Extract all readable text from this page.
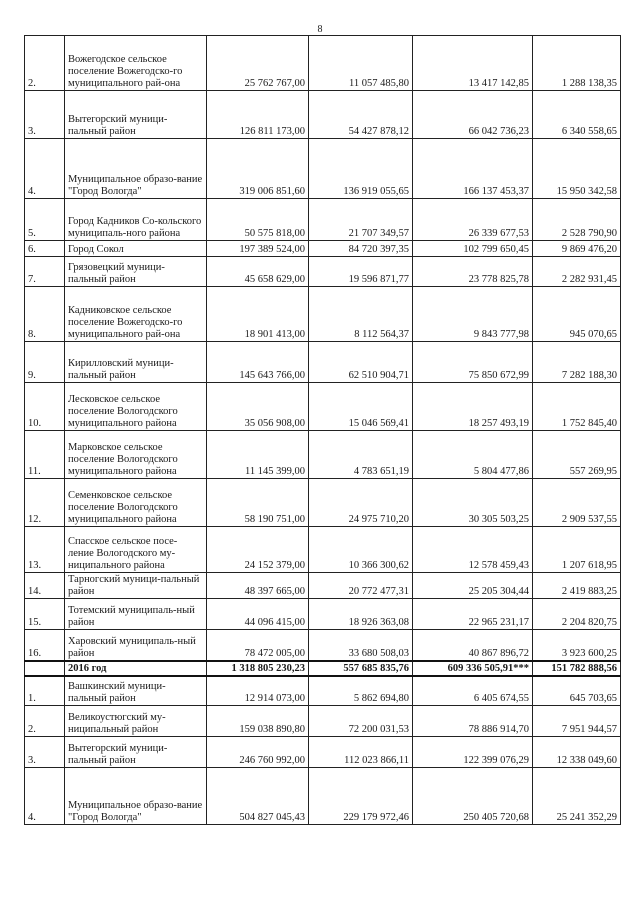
8
2.	Вожегодское сельское поселение Вожегодско-го муниципального рай-она	25 762 767,00	11 057 485,80	13 417 142,85	1 288 138,35
3.	Вытегорский муници-пальный район	126 811 173,00	54 427 878,12	66 042 736,23	6 340 558,65
4.	Муниципальное образо-вание "Город Вологда"	319 006 851,60	136 919 055,65	166 137 453,37	15 950 342,58
5.	Город Кадников Со-кольского муниципаль-ного района	50 575 818,00	21 707 349,57	26 339 677,53	2 528 790,90
6.	Город Сокол	197 389 524,00	84 720 397,35	102 799 650,45	9 869 476,20
7.	Грязовецкий муници-пальный район	45 658 629,00	19 596 871,77	23 778 825,78	2 282 931,45
8.	Кадниковское сельское поселение Вожегодско-го муниципального рай-она	18 901 413,00	8 112 564,37	9 843 777,98	945 070,65
9.	Кирилловский муници-пальный район	145 643 766,00	62 510 904,71	75 850 672,99	7 282 188,30
10.	Лесковское сельское поселение Вологодского муниципального района	35 056 908,00	15 046 569,41	18 257 493,19	1 752 845,40
11.	Марковское сельское поселение Вологодского муниципального района	11 145 399,00	4 783 651,19	5 804 477,86	557 269,95
12.	Семенковское сельское поселение Вологодского муниципального района	58 190 751,00	24 975 710,20	30 305 503,25	2 909 537,55
13.	Спасское сельское посе-ление Вологодского му-ниципального района	24 152 379,00	10 366 300,62	12 578 459,43	1 207 618,95
14.	Тарногский муници-пальный район	48 397 665,00	20 772 477,31	25 205 304,44	2 419 883,25
15.	Тотемский муниципаль-ный район	44 096 415,00	18 926 363,08	22 965 231,17	2 204 820,75
16.	Харовский муниципаль-ный район	78 472 005,00	33 680 508,03	40 867 896,72	3 923 600,25
	2016 год	1 318 805 230,23	557 685 835,76	609 336 505,91***	151 782 888,56
1.	Вашкинский муници-пальный район	12 914 073,00	5 862 694,80	6 405 674,55	645 703,65
2.	Великоустюгский му-ниципальный район	159 038 890,80	72 200 031,53	78 886 914,70	7 951 944,57
3.	Вытегорский муници-пальный район	246 760 992,00	112 023 866,11	122 399 076,29	12 338 049,60
4.	Муниципальное образо-вание "Город Вологда"	504 827 045,43	229 179 972,46	250 405 720,68	25 241 352,29
